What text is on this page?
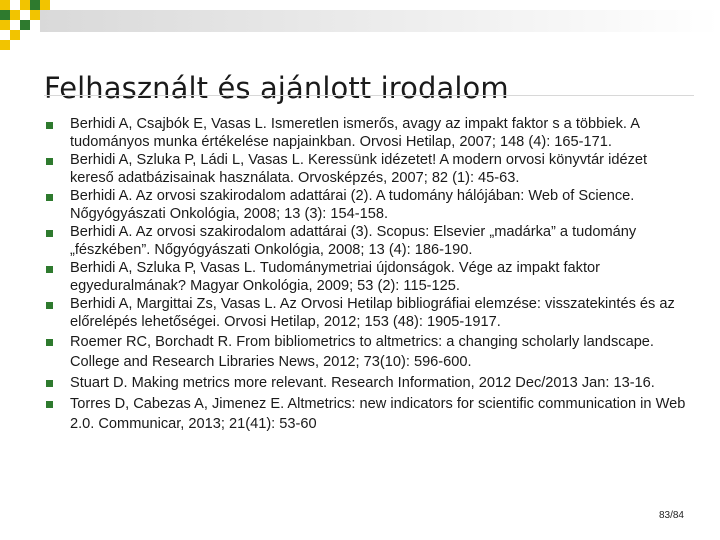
Felhasznált és ajánlott irodalom
Berhidi A, Csajbók E, Vasas L. Ismeretlen ismerős, avagy az impakt faktor s a többiek. A tudományos munka értékelése napjainkban. Orvosi Hetilap, 2007; 148 (4): 165-171.
Berhidi A, Szluka P, Ládi L, Vasas L. Keressünk idézetet! A modern orvosi könyvtár idézet kereső adatbázisainak használata. Orvosképzés, 2007; 82 (1): 45-63.
Berhidi A. Az orvosi szakirodalom adattárai (2). A tudomány hálójában: Web of Science. Nőgyógyászati Onkológia, 2008; 13 (3): 154-158.
Berhidi A. Az orvosi szakirodalom adattárai (3). Scopus: Elsevier „madárka” a tudomány „fészkében”. Nőgyógyászati Onkológia, 2008; 13 (4): 186-190.
Berhidi A, Szluka P, Vasas L. Tudománymetriai újdonságok. Vége az impakt faktor egyeduralmának? Magyar Onkológia, 2009; 53 (2): 115-125.
Berhidi A, Margittai Zs, Vasas L. Az Orvosi Hetilap bibliográfiai elemzése: visszatekintés és az előrelépés lehetőségei. Orvosi Hetilap, 2012; 153 (48): 1905-1917.
Roemer RC, Borchadt R. From bibliometrics to altmetrics: a changing scholarly landscape. College and Research Libraries News, 2012; 73(10): 596-600.
Stuart D. Making metrics more relevant. Research Information, 2012 Dec/2013 Jan: 13-16.
Torres D, Cabezas A, Jimenez E. Altmetrics: new indicators for scientific communication in Web 2.0. Communicar, 2013; 21(41): 53-60
83/84
